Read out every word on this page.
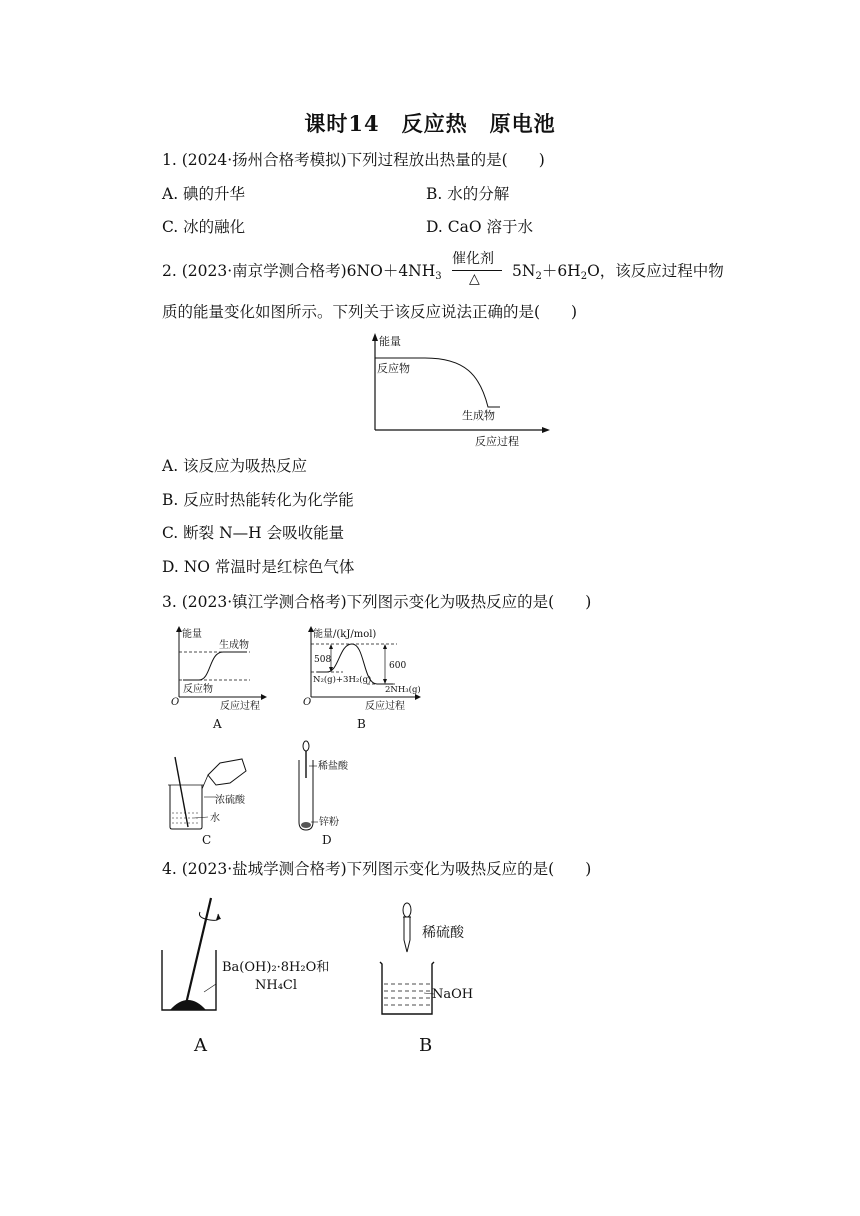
课时14　反应热　原电池
1. (2024·扬州合格考模拟)下列过程放出热量的是(　　)
A. 碘的升华	B. 水的分解
C. 冰的融化	D. CaO 溶于水
2. (2023·南京学测合格考)$6NO+4NH_3$
催化剂
△ $5N_2+6H_2O$，该反应过程中物
质的能量变化如图所示。下列关于该反应说法正确的是(　　)
能量
反应物
生成物
反应过程
A. 该反应为吸热反应
B. 反应时热能转化为化学能
C. 断裂 N—H 会吸收能量
D. NO 常温时是红棕色气体
3. (2023·镇江学测合格考)下列图示变化为吸热反应的是(　　)
能量
生成物
反应物
O	反应过程
A
能量/(kJ/mol)
508
600
N₂(g)+3H₂(g)
2NH₃(g)
O	反应过程
B
浓硫酸
水
C
稀盐酸
锌粉
D
4. (2023·盐城学测合格考)下列图示变化为吸热反应的是(　　)
Ba(OH)₂·8H₂O和
NH₄Cl
A
稀硫酸
NaOH
B
